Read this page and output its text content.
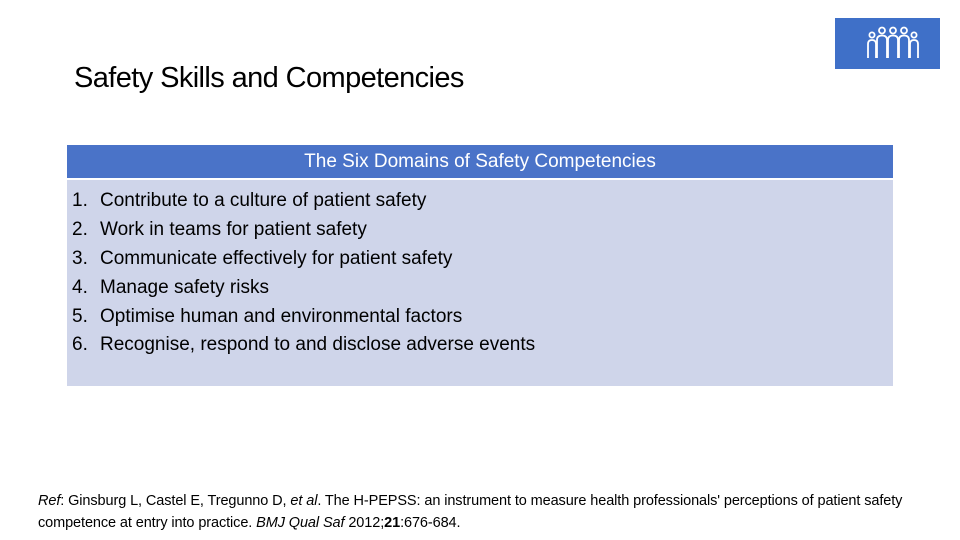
Safety Skills and Competencies
The Six Domains of Safety Competencies
1. Contribute to a culture of patient safety
2. Work in teams for patient safety
3. Communicate effectively for patient safety
4. Manage safety risks
5. Optimise human and environmental factors
6. Recognise, respond to and disclose adverse events
Ref: Ginsburg L, Castel E, Tregunno D, et al. The H-PEPSS: an instrument to measure health professionals' perceptions of patient safety competence at entry into practice. BMJ Qual Saf 2012;21:676-684.
